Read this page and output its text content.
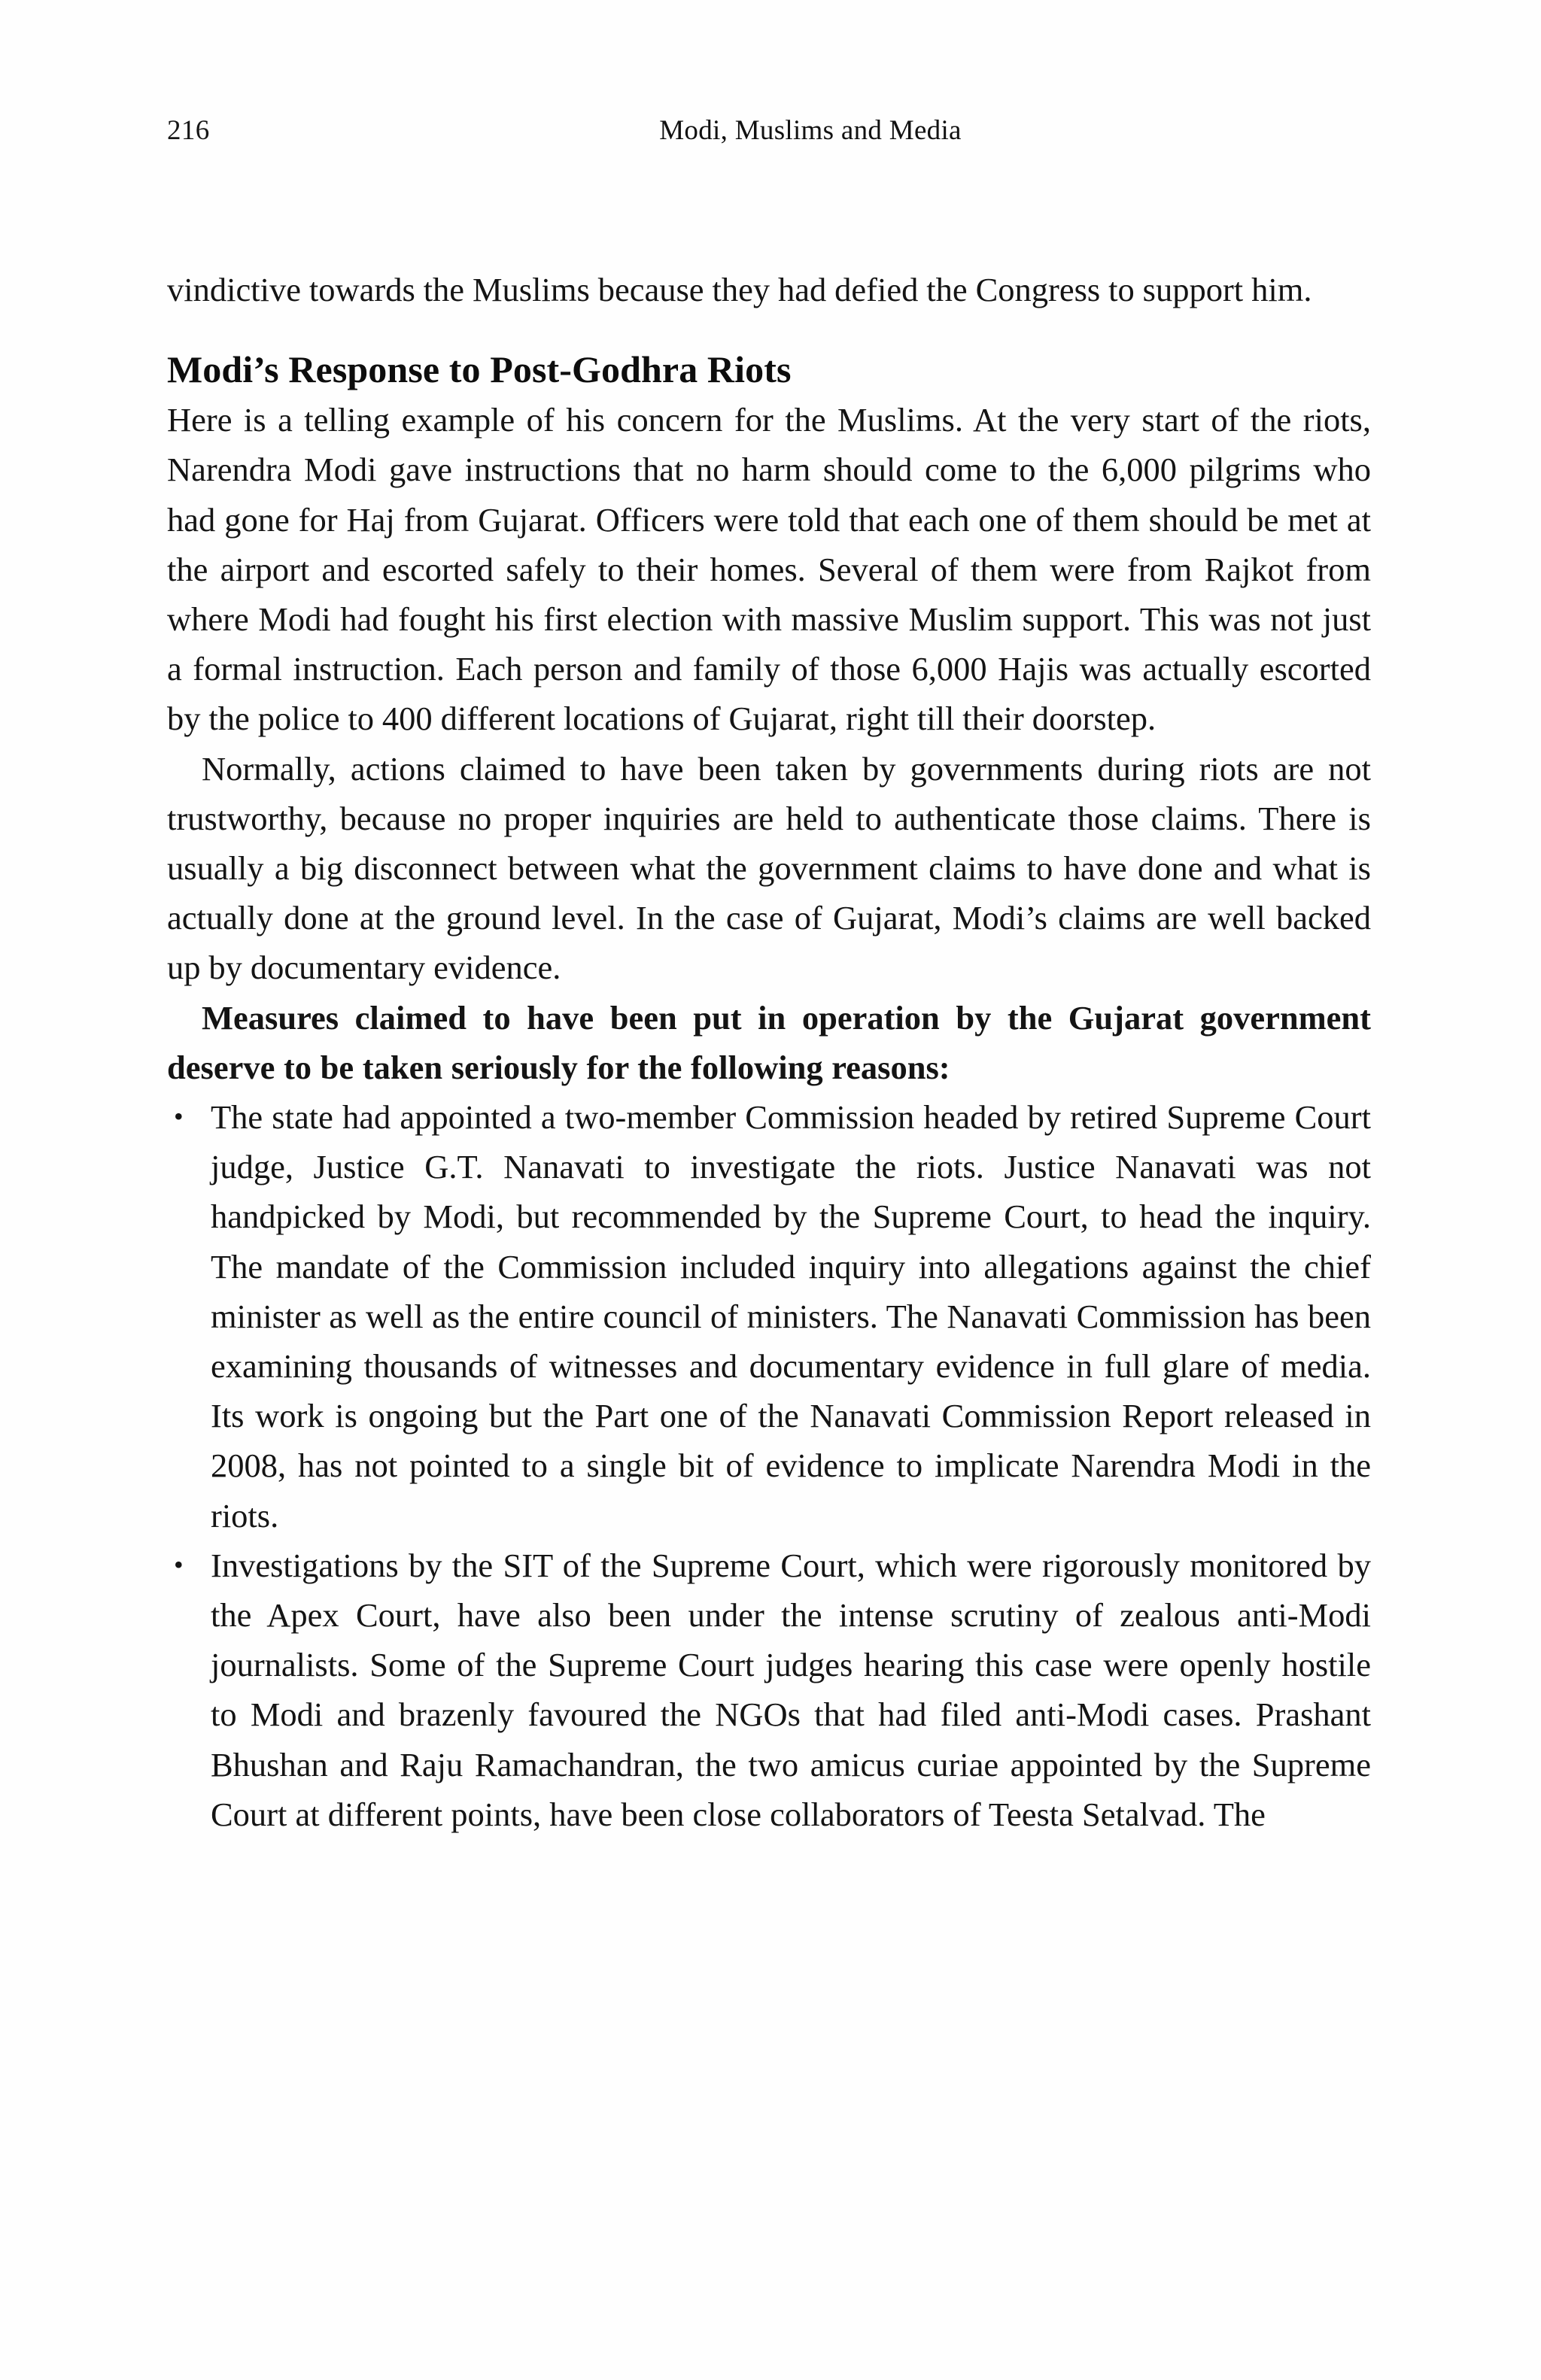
216	Modi, Muslims and Media

vindictive towards the Muslims because they had defied the Congress to support him.

Modi’s Response to Post-Godhra Riots

Here is a telling example of his concern for the Muslims. At the very start of the riots, Narendra Modi gave instructions that no harm should come to the 6,000 pilgrims who had gone for Haj from Gujarat. Officers were told that each one of them should be met at the airport and escorted safely to their homes. Several of them were from Rajkot from where Modi had fought his first election with massive Muslim support. This was not just a formal instruction. Each person and family of those 6,000 Hajis was actually escorted by the police to 400 different locations of Gujarat, right till their doorstep.

Normally, actions claimed to have been taken by governments during riots are not trustworthy, because no proper inquiries are held to authenticate those claims. There is usually a big disconnect between what the government claims to have done and what is actually done at the ground level. In the case of Gujarat, Modi’s claims are well backed up by documentary evidence.

Measures claimed to have been put in operation by the Gujarat government deserve to be taken seriously for the following reasons:

• The state had appointed a two-member Commission headed by retired Supreme Court judge, Justice G.T. Nanavati to investigate the riots. Justice Nanavati was not handpicked by Modi, but recommended by the Supreme Court, to head the inquiry. The mandate of the Commission included inquiry into allegations against the chief minister as well as the entire council of ministers. The Nanavati Commission has been examining thousands of witnesses and documentary evidence in full glare of media. Its work is ongoing but the Part one of the Nanavati Commission Report released in 2008, has not pointed to a single bit of evidence to implicate Narendra Modi in the riots.
• Investigations by the SIT of the Supreme Court, which were rigorously monitored by the Apex Court, have also been under the intense scrutiny of zealous anti-Modi journalists. Some of the Supreme Court judges hearing this case were openly hostile to Modi and brazenly favoured the NGOs that had filed anti-Modi cases. Prashant Bhushan and Raju Ramachandran, the two amicus curiae appointed by the Supreme Court at different points, have been close collaborators of Teesta Setalvad. The
